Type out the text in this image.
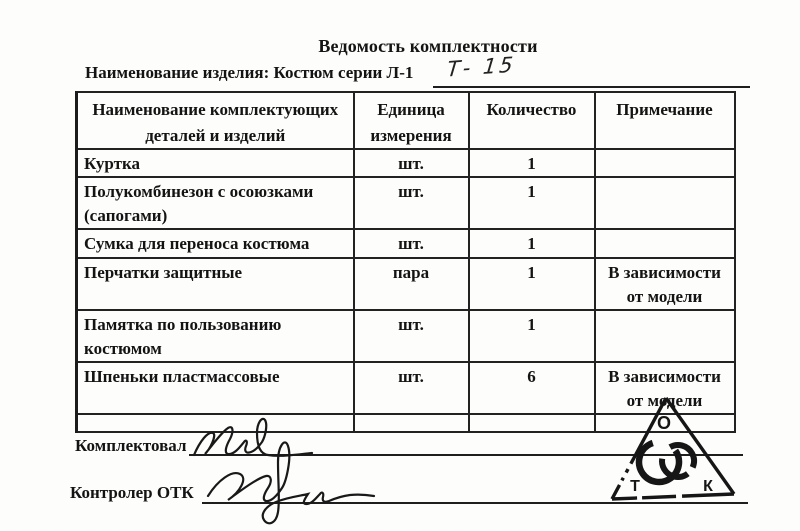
Ведомость комплектности
Наименование изделия: Костюм серии Л-1 Т- 15
Наименование комплектующих деталей и изделий	Единица измерения	Количество	Примечание
Куртка	шт.	1	
Полукомбинезон с осоюзками (сапогами)	шт.	1	
Сумка для переноса костюма	шт.	1	
Перчатки защитные	пара	1	В зависимости от модели
Памятка по пользованию костюмом	шт.	1	
Шпеньки пластмассовые	шт.	6	В зависимости от модели

Комплектовал
Контролер ОТК
О
Т	К
